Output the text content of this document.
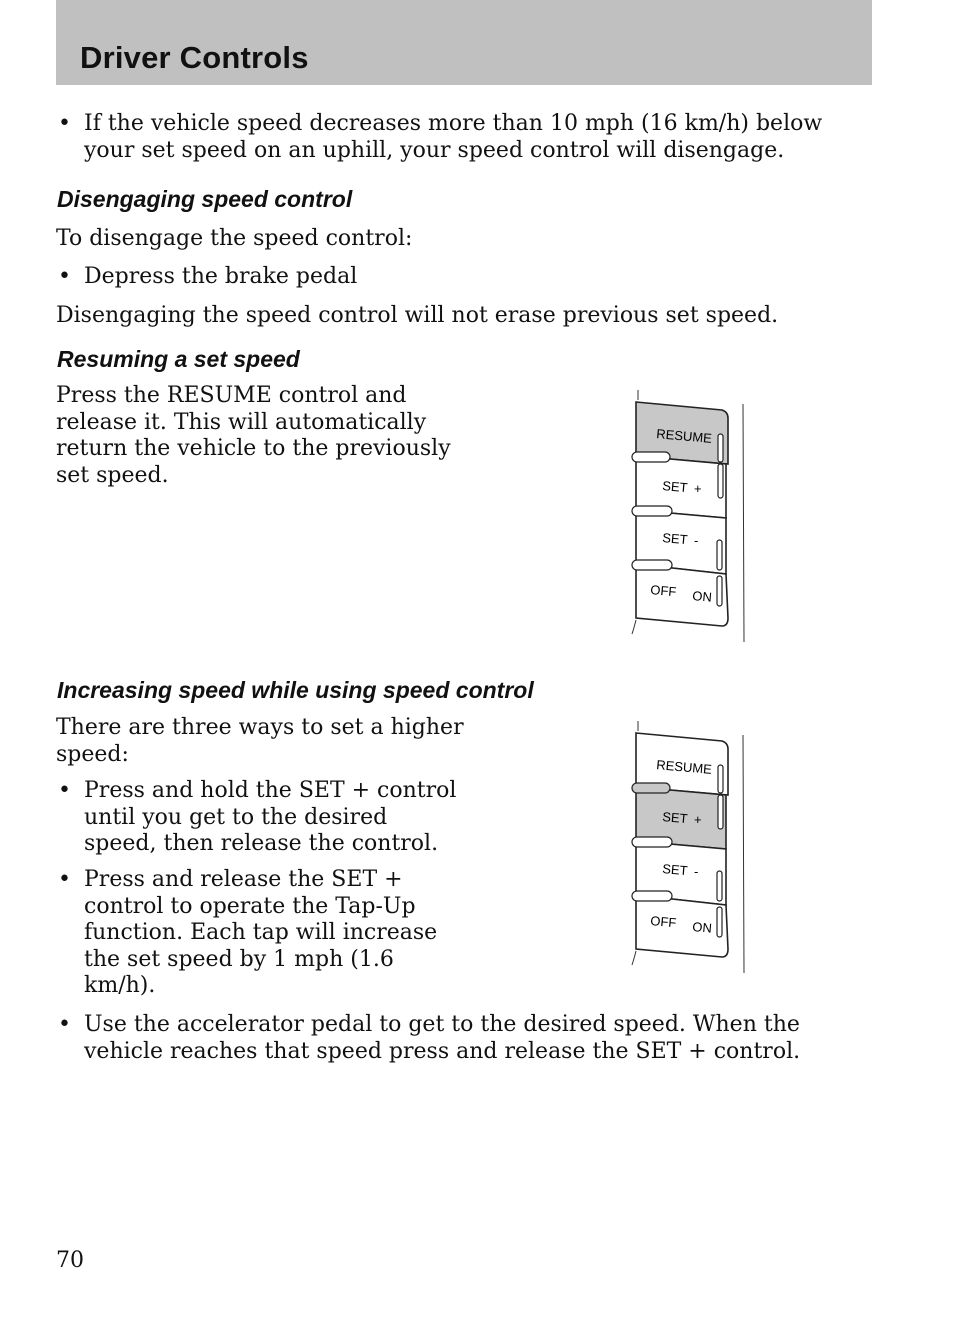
Driver Controls
• If the vehicle speed decreases more than 10 mph (16 km/h) below
your set speed on an uphill, your speed control will disengage.
Disengaging speed control
To disengage the speed control:
• Depress the brake pedal
Disengaging the speed control will not erase previous set speed.
Resuming a set speed
Press the RESUME control and
release it. This will automatically
return the vehicle to the previously
set speed.
RESUME
SET +
SET -
OFF ON
Increasing speed while using speed control
There are three ways to set a higher
speed:
• Press and hold the SET + control
until you get to the desired
speed, then release the control.
• Press and release the SET +
control to operate the Tap-Up
function. Each tap will increase
the set speed by 1 mph (1.6
km/h).
RESUME
SET +
SET -
OFF ON
• Use the accelerator pedal to get to the desired speed. When the
vehicle reaches that speed press and release the SET + control.
70
